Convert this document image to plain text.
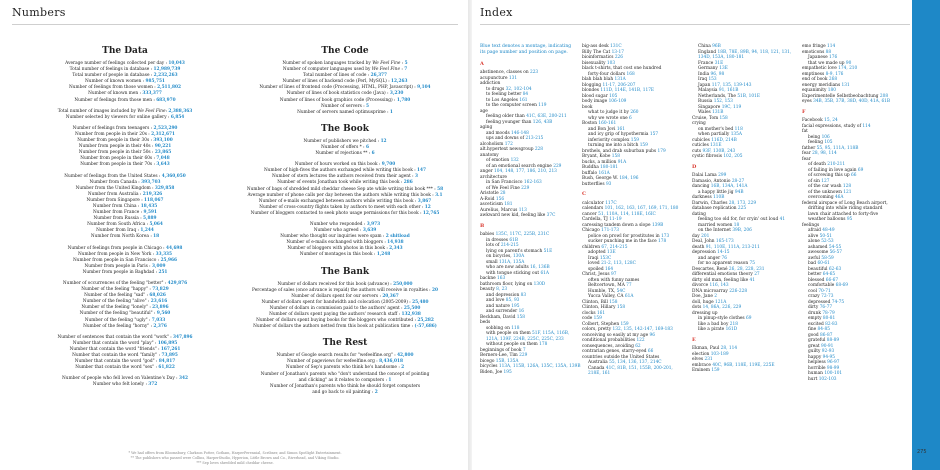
Numbers
The Data
Average number of feelings collected per day : 10,043
Total number of feelings in database : 12,989,739
Total number of people in database : 2,232,263
Number of known women : 985,751
Number of feelings from those women : 2,511,802
Number of known men : 333,377
Number of feelings from those men : 683,970
Total number of images included by We Feel Fine: 2,388,363
Number selected by viewers for online gallery : 6,854
Number of feelings from teenagers : 2,523,290
Number from people in their 20s : 2,312,671
Number from people in their 30s : 393,100
Number from people in their 40s : 90,221
Number from people in their 50s : 23,865
Number from people in their 60s : 7,048
Number from people in their 70s : 3,643
Number of feelings from the United States : 4,360,050
Number from Canada : 393,703
Number from the United Kingdom : 329,858
Number from Australia : 219,326
Number from Singapore : 118,067
Number from China : 18,435
Number from France : 9,591
Number from Russia : 5,889
Number from South Africa : 5,064
Number from Iraq : 1,244
Number from North Korea : 18
Number of feelings from people in Chicago : 44,698
Number from people in New York : 33,335
Number from people in San Francisco : 25,966
Number from people in Paris : 3,009
Number from people in Baghdad : 251
Number of occurrences of the feeling "better" : 429,876
Number of the feeling "happy" : 73,829
Number of the feeling "sad" : 68,026
Number of the feeling "alive" : 23,616
Number of the feeling "lonely" : 23,896
Number of the feeling "beautiful" : 9,560
Number of the feeling "ugly" : 7,033
Number of the feeling "horny" : 2,376
Number of sentences that contain the word "work" : 347,896
Number that contain the word "play" : 106,895
Number that contain the word "friends" : 167,261
Number that contain the word "family" : 73,895
Number that contain the word "god" : 84,817
Number that contain the word "sex" : 61,822
Number of people who fell loved on Valentine's Day : 342
Number who felt lonely : 372
The Code
Number of spoken languages tracked by We Feel Fine : 5
Number of computer languages used by We Feel Fine : 7
Total number of lines of code : 26,377
Number of lines of backend code (Perl, MySQL) : 12,263
Number of lines of frontend code (Processing, HTML, PHP, Javascript) : 9,104
Number of lines of book statistics code (Java) : 3,230
Number of lines of book graphics code (Processing) : 1,780
Number of servers : 5
Number of servers named optimusprime : 1
The Book
Number of publishers we pitched : 12
Number of offers * : 6
Number of rejections ** : 6
Number of hours worked on this book : 9,700
Number of high-fives the authors exchanged while writing this book : 147
Number of stern lectures the authors received from their agent : 3
Number of events Jonathan took while writing this book : 286
Number of bags of shredded mild cheddar cheese Sep ate while writing this book *** : 58
Average number of phone calls per day between the authors while writing this book : 3.1
Number of e-mails exchanged between authors while writing this book : 3,867
Number of cross-country flights taken by authors to meet with each other : 12
Number of bloggers contacted to seek photo usage permissions for this book : 12,765
Number who responded : 3,973
Number who agreed : 3,639
Number who thought our inquiries were spam : 2 shitload
Number of e-mails exchanged with bloggers : 14,938
Number of bloggers with photos in this book : 2,343
Number of montages in this book : 1,248
The Bank
Number of dollars received for this book (advance) : 250,000
Percentage of sales (once advance is repaid) the authors will receive in royalties : 20
Number of dollars spent for our servers : 20,367
Number of dollars spent for bandwidth and colocation (2005-2009) : 25,480
Number of dollars in commission paid to the authors' agent : 25,500
Number of dollars spent paying the authors' research staff : 132,938
Number of dollars spent buying books for the bloggers who contributed : 25,282
Number of dollars the authors netted from this book at publication time : (-57,686)
The Rest
Number of Google search results for "wefeelfine.org" : 42,800
Number of pageviews for wefeelfine.org : 8,436,018
Number of Sep's parents who think he's handsome : 2
Number of Jonathan's parents who "don't understand the concept of pointing
and clicking" as it relates to computers : 1
Number of Jonathan's parents who think he should forget computers
and go back to oil painting : 2
* We had offers from Bloomsbury, Clarkson Potter, Gotham, HarperPerennial, Scribner, and Simon Spotlight Entertainment.
** The publishers who passed were Collins, HarperStudio, Hyperion, Little Brown and Co., Riverhead, and Viking Studio.
*** Sep loves shredded mild cheddar cheese.
Index
Blue text denotes a montage, indicating its page number and position on page.
A
abstinence, classes on 223
acupuncture 131
addiction
to drugs 32, 102-104
to feeling better 84
to Los Angeles 161
to the computer screen 119
age
feeling older than 41C, 63E, 200-211
feeling younger than 126, 43B
aging
and moods 146-148
ups and downs of 213-215
alcoholism 172
alt.hypertext newsgroup 228
anatomy
of emotion 132
of an emotional search engine 229
anger 104, 148, 177, 186, 210, 213
architecture
in San Francisco 162-163
of We Feel Fine 229
Aristotle 28
A-Roid 156
asceticism 181
Aurelius, Marcus 113
awkward new kid, feeling like 37C
B
babies 135C, 117C, 225B, 231C
in dresses 61B
lots of 214-215
lying on parent's stomach 51E
on bicycles, 130A
small 131A, 135A
who are now adults 16, 136B
with tongue sticking out 61A
backne 163
bathroom floor, lying on 130D
beauty 8, 23
and depression 83
and love 85, 93
and nature 195
and surrender 16
Beckham, David 158
beds
sobbing on 118
with people on them 51F, 115A, 116B,
121A, 139F, 224B, 225C, 225C, 233
without people on them 178
beginnings of book 7
Berners-Lee, Tim 229
bicego 15B, 135A
bicycles 113A, 115B, 126A, 135C, 135A, 139B
Biden, Joe 195
big-ass desk 131C
Billy The Cat 13-17
bioinformatics 226
bisexuality 103
black t-shirts, that cost one hundred
forty-four dollars 168
blah blah blah 131A
blogging 11-17, 206-207
blondes 111D, 114E, 141B, 117E
blood sugar 105
body image 106-109
book
what to judge it by 260
why we wrote one 6
Boston 160-161
and Bon Jovi 161
and icy grip of hypothermia 157
inferiority complex 159
turning me into a bitch 159
brothels, and drab suburban pubs 179
Bryant, Kobe 158
bucks, a million 91A
Buddha 180-181
buffalo 161A
Bush, George W. 184, 196
butterflies 93
C
calculator 117C
calendars 101, 162, 163, 167, 169, 171, 180
cancer 51, 110A, 114, 118E, 16IC
Cardella, TJ 11-19
caressing tandem down a slope 139B
Chicago 171-173
police on prowl for prostitutes in 173
sucker punching me in the face 178
children 67, 214-215
adopted 13E
Iraqi 153C
loved 21-2, 113, 128C
spoiled 164
Christ, Jesus 97
often with funny names
Beltcertown, MA 77
Humble, TX, 54C
Yucca Valley, CA 61A
Clinton, Bill 158
Clinton, Hillary 158
clocks 161
code 159
Colbert, Stephen 159
colors, pretty 132, 135, 142-147, 169-183
conceiving so easily at my age 96
conditional probabilities 122
consequences, avoiding 62
contrarian genes, starry-eyed 66
countries outside the United States
Australia 55, 134, 136, 137, 214C
Canada 41C, 81B, 151, 155B, 200-201,
218E, 161
China 96B
England 18B, 78E, 89B, 94, 118, 121, 131,
134D, 153A, 180-181
France 31E
Germany 13E
India 96, 98
Iraq 153
Japan 117, 135, 139-143
Malaysia 91, 161B
Netherlands, The 51B, 101E
Russia 152, 153
Singapore 19C, 119
Wales 131B
Cruise, Tom 158
crying
on mother's bed 118
when partially 135A
cubicles 116D, 214B
cuticles 131E
cuts 93F, 130B, 243
cystic fibrosis 102, 205
D
Dalai Lama 299
Damasio, Antonio 28-27
dancing 16B, 134A, 141A
a happy little jig 94B
darkness 110B
Darwin, Charles 28, 173, 229
database replication 225
dating
feeling too old for, for cryin' out loud 41
married women 18
on the Internet 39B, 206
day 201
Deal, John 165-173
death 91, 110E, 111A, 213-211
depression 14-15
and anger 76
for no apparent reason 75
Descartes, René 26, 28, 228, 231
differential emotions theory 27
dirty old man, feeling like 41
divorce 116, 143
DNA microarray 226-228
Doe, Jane 2
doll, huge 121A
dots 14, 86A, 226, 229
dressing up
in pinup-style clothes 69
like a bad boy 218
like a pirate 161D
E
Ekman, Paul 28, 114
election 103-189
elves 231
embrace 40C, 96B, 118E, 119E, 225E
Eminem 159
emo fringe 114
emoticons 88
Japanese 176
that we made up 90
empathetic love 174, 210
emptiness 8-9, 176
end of book 268
energy meridians 131
equanimity 180
Experimentelle Selbstbeobachtung 208
eyes 34B, 35B, 37B, 38D, 40D, 41A, 61B
F
Facebook 15, 24
facial expressions, study of 114
fat
being 106
feeling 105
father 55, 95, 111A, 118B
fear 28, 98, 114
fear
of death 210-211
of failing in love again 69
of screwing this up 66
of sin 127
of the car wash 128
of the unknown 121
overcoming 46A
federal airspace of Long Beach airport,
drifting into while riding standard
lawn chair attached to forty-five
weather balloons 95
feelings
afraid 48-49
alive 50-51
alone 52-53
ashamed 54-55
awesome 56-57
awful 58-59
bad 60-61
beautiful 62-63
better 64-65
blessed 66-67
comfortable 68-69
cool 70-71
crazy 72-73
depressed 74-75
dirty 76-77
drunk 78-79
empty 80-81
excited 82-83
fine 84-85
good 86-87
grateful 88-89
great 90-91
guilty 92-93
happy 94-95
helpless 96-97
horrible 98-99
human 100-101
hurt 102-103
275
